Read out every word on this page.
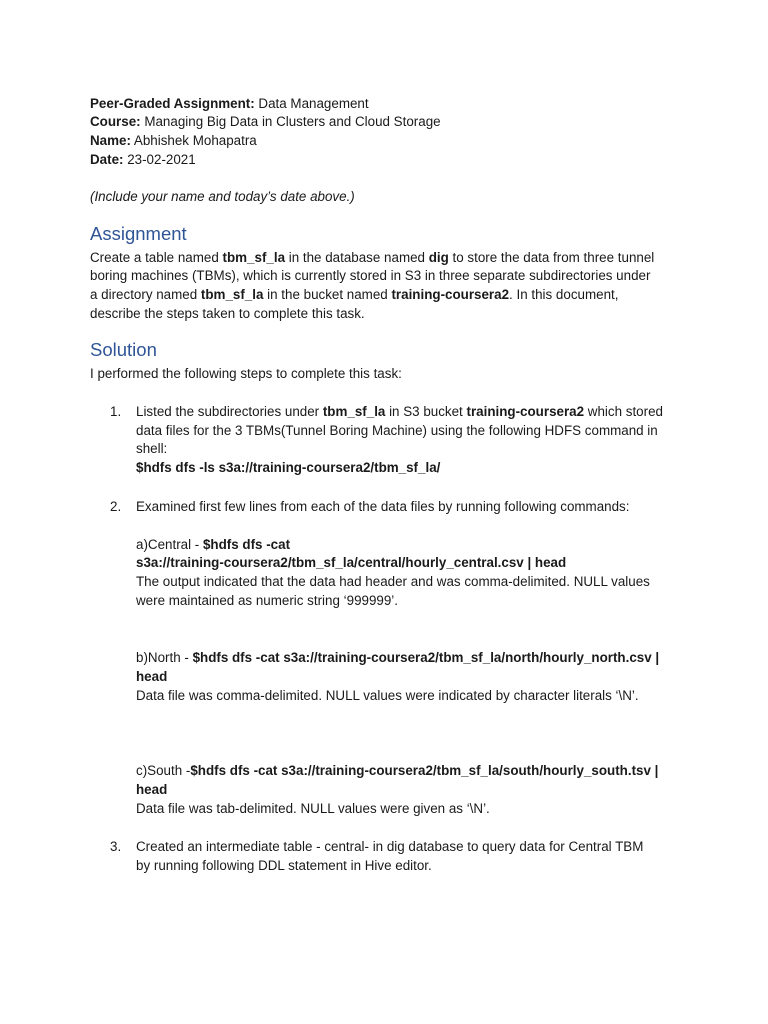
Peer-Graded Assignment: Data Management
Course: Managing Big Data in Clusters and Cloud Storage
Name: Abhishek Mohapatra
Date: 23-02-2021
(Include your name and today’s date above.)
Assignment
Create a table named tbm_sf_la in the database named dig to store the data from three tunnel
boring machines (TBMs), which is currently stored in S3 in three separate subdirectories under
a directory named tbm_sf_la in the bucket named training-coursera2. In this document,
describe the steps taken to complete this task.
Solution
I performed the following steps to complete this task:
1. Listed the subdirectories under tbm_sf_la in S3 bucket training-coursera2 which stored
data files for the 3 TBMs(Tunnel Boring Machine) using the following HDFS command in
shell:
$hdfs dfs -ls s3a://training-coursera2/tbm_sf_la/
2. Examined first few lines from each of the data files by running following commands:
a)Central - $hdfs dfs -cat
s3a://training-coursera2/tbm_sf_la/central/hourly_central.csv | head
The output indicated that the data had header and was comma-delimited. NULL values
were maintained as numeric string ‘999999’.
b)North - $hdfs dfs -cat s3a://training-coursera2/tbm_sf_la/north/hourly_north.csv |
head
Data file was comma-delimited. NULL values were indicated by character literals ‘\N’.
c)South -$hdfs dfs -cat s3a://training-coursera2/tbm_sf_la/south/hourly_south.tsv |
head
Data file was tab-delimited. NULL values were given as ‘\N’.
3. Created an intermediate table - central- in dig database to query data for Central TBM
by running following DDL statement in Hive editor.
